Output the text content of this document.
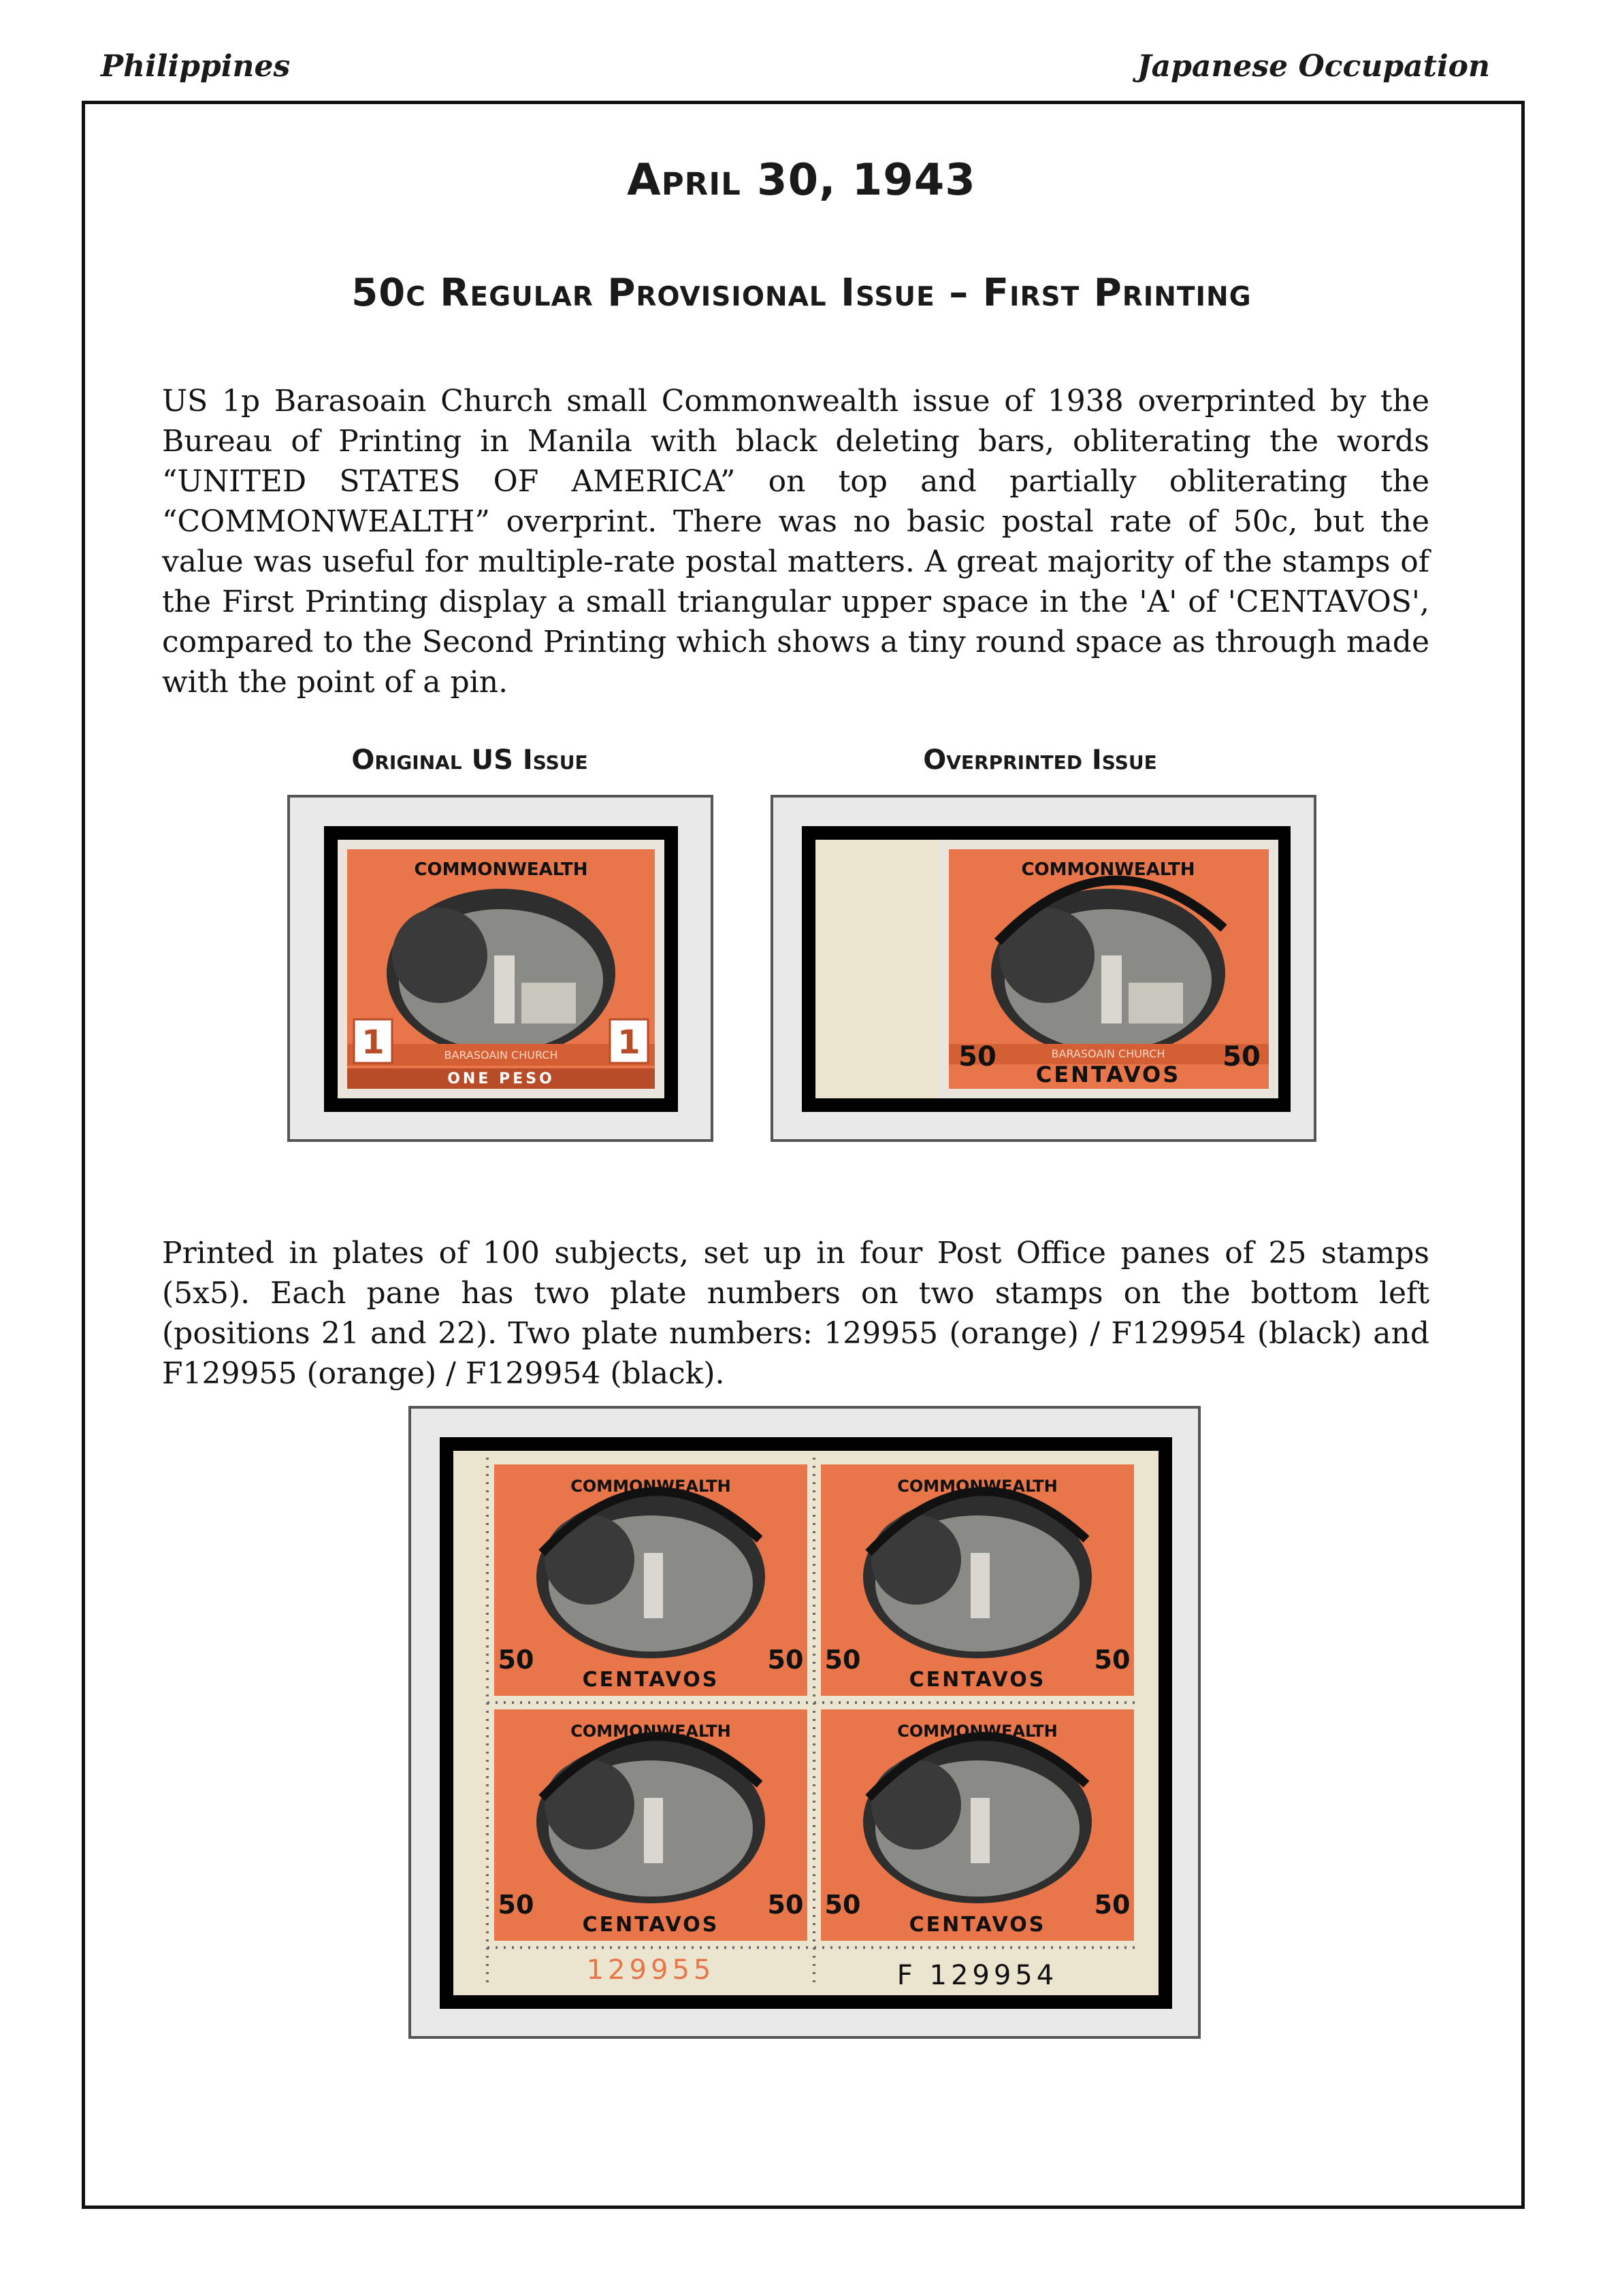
Philippines	Japanese Occupation
April 30, 1943
50c Regular Provisional Issue – First Printing
US 1p Barasoain Church small Commonwealth issue of 1938 overprinted by the Bureau of Printing in Manila with black deleting bars, obliterating the words “UNITED STATES OF AMERICA” on top and partially obliterating the “COMMONWEALTH” overprint. There was no basic postal rate of 50c, but the value was useful for multiple-rate postal matters. A great majority of the stamps of the First Printing display a small triangular upper space in the 'A' of 'CENTAVOS', compared to the Second Printing which shows a tiny round space as through made with the point of a pin.
Original US Issue	Overprinted Issue
1	1
BARASOAIN CHURCH
ONE PESO
COMMONWEALTH
BARASOAIN CHURCH
COMMONWEALTH
50	50
CENTAVOS
Printed in plates of 100 subjects, set up in four Post Office panes of 25 stamps (5x5). Each pane has two plate numbers on two stamps on the bottom left (positions 21 and 22). Two plate numbers: 129955 (orange) / F129954 (black) and F129955 (orange) / F129954 (black).
COMMONWEALTH
50	50
CENTAVOS
COMMONWEALTH
50	50
CENTAVOS
COMMONWEALTH
50	50
CENTAVOS
COMMONWEALTH
50	50
CENTAVOS
129955	F 129954
